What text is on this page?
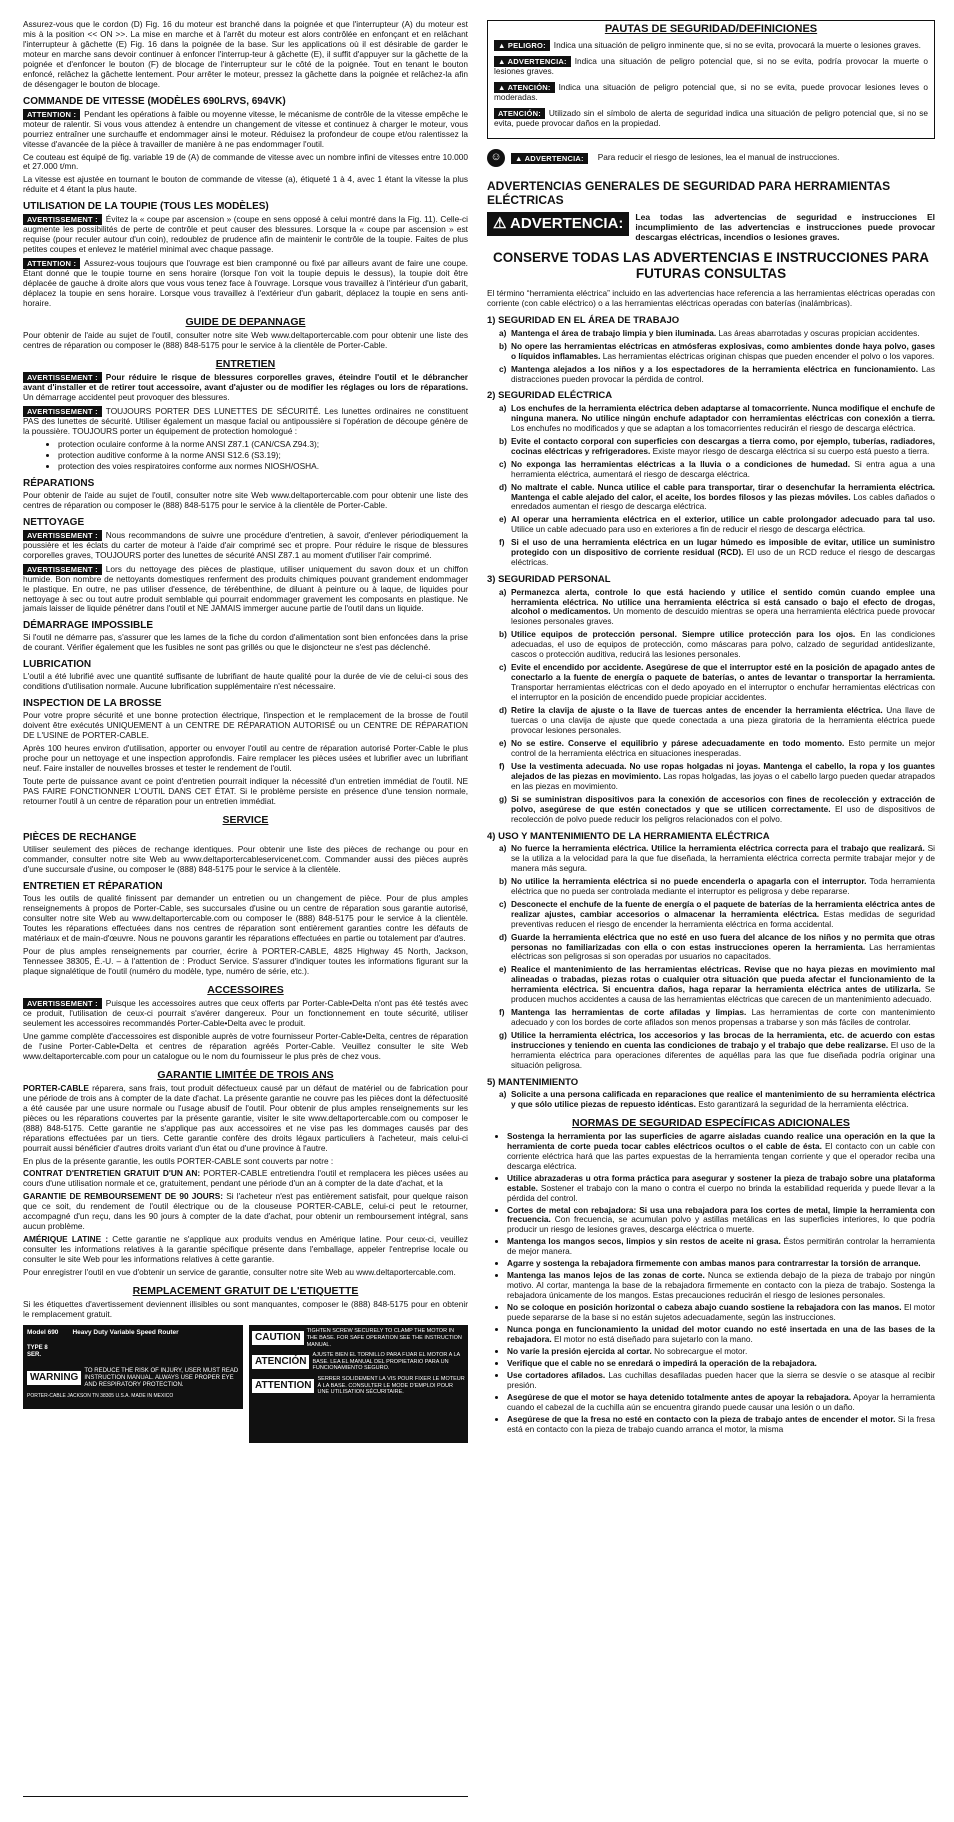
Assurez-vous que le cordon (D) Fig. 16 du moteur est branché dans la poignée et que l'interrupteur (A) du moteur est mis à la position << ON >>. La mise en marche et à l'arrêt du moteur est alors contrôlée en enfonçant et en relâchant l'interrupteur à gâchette (E) Fig. 16 dans la poignée de la base. Sur les applications où il est désirable de garder le moteur en marche sans devoir continuer à enfoncer l'interrup-teur à gâchette (E), il suffit d'appuyer sur la gâchette de la poignée et d'enfoncer le bouton (F) de blocage de l'interrupteur sur le côté de la poignée. Tout en tenant le bouton enfoncé, relâchez la gâchette lentement. Pour arrêter le moteur, pressez la gâchette dans la poignée et relâchez-la afin de désengager le bouton de blocage.

COMMANDE DE VITESSE (MODÈLES 690LRVS, 694VK)

ATTENTION : Pendant les opérations à faible ou moyenne vitesse, le mécanisme de contrôle de la vitesse empêche le moteur de ralentir. Si vous vous attendez à entendre un changement de vitesse et continuez à charger le moteur, vous pourriez entraîner une surchauffe et endommager ainsi le moteur. Réduisez la profondeur de coupe et/ou ralentissez la vitesse d'avancée de la pièce à travailler de manière à ne pas endommager l'outil.

Ce couteau est équipé de fig. variable 19 de (A) de commande de vitesse avec un nombre infini de vitesses entre 10.000 et 27.000 t/mn.

La vitesse est ajustée en tournant le bouton de commande de vitesse (a), étiqueté 1 à 4, avec 1 étant la vitesse la plus réduite et 4 étant la plus haute.

UTILISATION DE LA TOUPIE (TOUS LES MODÈLES)

AVERTISSEMENT : Évitez la « coupe par ascension » (coupe en sens opposé à celui montré dans la Fig. 11). Celle-ci augmente les possibilités de perte de contrôle et peut causer des blessures. Lorsque la « coupe par ascension » est requise (pour reculer autour d'un coin), redoublez de prudence afin de maintenir le contrôle de la toupie. Faites de plus petites coupes et enlevez le matériel minimal avec chaque passage.

ATTENTION : Assurez-vous toujours que l'ouvrage est bien cramponné ou fixé par ailleurs avant de faire une coupe. Étant donné que le toupie tourne en sens horaire (lorsque l'on voit la toupie depuis le dessus), la toupie doit être déplacée de gauche à droite alors que vous vous tenez face à l'ouvrage. Lorsque vous travaillez à l'intérieur d'un gabarit, déplacez la toupie en sens horaire. Lorsque vous travaillez à l'extérieur d'un gabarit, déplacez la toupie en sens anti-horaire.

GUIDE DE DEPANNAGE

Pour obtenir de l'aide au sujet de l'outil, consulter notre site Web www.deltaportercable.com pour obtenir une liste des centres de réparation ou composer le (888) 848-5175 pour le service à la clientèle de Porter-Cable.

ENTRETIEN

AVERTISSEMENT : Pour réduire le risque de blessures corporelles graves, éteindre l'outil et le débrancher avant d'installer et de retirer tout accessoire, avant d'ajuster ou de modifier les réglages ou lors de réparations. Un démarrage accidentel peut provoquer des blessures.

AVERTISSEMENT : TOUJOURS PORTER DES LUNETTES DE SÉCURITÉ. Les lunettes ordinaires ne constituent PAS des lunettes de sécurité. Utiliser également un masque facial ou antipoussière si l'opération de découpe génère de la poussière. TOUJOURS porter un équipement de protection homologué :

• protection oculaire conforme à la norme ANSI Z87.1 (CAN/CSA Z94.3);
• protection auditive conforme à la norme ANSI S12.6 (S3.19);
• protection des voies respiratoires conforme aux normes NIOSH/OSHA.
RÉPARATIONS

Pour obtenir de l'aide au sujet de l'outil, consulter notre site Web www.deltaportercable.com pour obtenir une liste des centres de réparation ou composer le (888) 848-5175 pour le service à la clientèle de Porter-Cable.

NETTOYAGE

AVERTISSEMENT : Nous recommandons de suivre une procédure d'entretien, à savoir, d'enlever périodiquement la poussière et les éclats du carter de moteur à l'aide d'air comprimé sec et propre. Pour réduire le risque de blessures corporelles graves, TOUJOURS porter des lunettes de sécurité ANSI Z87.1 au moment d'utiliser l'air comprimé.

AVERTISSEMENT : Lors du nettoyage des pièces de plastique, utiliser uniquement du savon doux et un chiffon humide. Bon nombre de nettoyants domestiques renferment des produits chimiques pouvant grandement endommager le plastique. En outre, ne pas utiliser d'essence, de térébenthine, de diluant à peinture ou à laque, de liquides pour nettoyage à sec ou tout autre produit semblable qui pourrait endommager gravement les composants en plastique. Ne jamais laisser de liquide pénétrer dans l'outil et NE JAMAIS immerger aucune partie de l'outil dans un liquide.

DÉMARRAGE IMPOSSIBLE

Si l'outil ne démarre pas, s'assurer que les lames de la fiche du cordon d'alimentation sont bien enfoncées dans la prise de courant. Vérifier également que les fusibles ne sont pas grillés ou que le disjoncteur ne s'est pas déclenché.

LUBRICATION

L'outil a été lubrifié avec une quantité suffisante de lubrifiant de haute qualité pour la durée de vie de celui-ci sous des conditions d'utilisation normale. Aucune lubrification supplémentaire n'est nécessaire.

INSPECTION DE LA BROSSE

Pour votre propre sécurité et une bonne protection électrique, l'inspection et le remplacement de la brosse de l'outil doivent être exécutés UNIQUEMENT à un CENTRE DE RÉPARATION AUTORISÉ ou un CENTRE DE RÉPARATION DE L'USINE de PORTER-CABLE.

Après 100 heures environ d'utilisation, apporter ou envoyer l'outil au centre de réparation autorisé Porter-Cable le plus proche pour un nettoyage et une inspection approfondis. Faire remplacer les pièces usées et lubrifier avec un lubrifiant neuf. Faire installer de nouvelles brosses et tester le rendement de l'outil.

Toute perte de puissance avant ce point d'entretien pourrait indiquer la nécessité d'un entretien immédiat de l'outil. NE PAS FAIRE FONCTIONNER L'OUTIL DANS CET ÉTAT. Si le problème persiste en présence d'une tension normale, retourner l'outil à un centre de réparation pour un entretien immédiat.

SERVICE
PIÈCES DE RECHANGE

Utiliser seulement des pièces de rechange identiques. Pour obtenir une liste des pièces de rechange ou pour en commander, consulter notre site Web au www.deltaportercableservicenet.com. Commander aussi des pièces auprès d'une succursale d'usine, ou composer le (888) 848-5175 pour le service à la clientèle.

ENTRETIEN ET RÉPARATION

Tous les outils de qualité finissent par demander un entretien ou un changement de pièce. Pour de plus amples renseignements à propos de Porter-Cable, ses succursales d'usine ou un centre de réparation sous garantie autorisé, consulter notre site Web au www.deltaportercable.com ou composer le (888) 848-5175 pour le service à la clientèle. Toutes les réparations effectuées dans nos centres de réparation sont entièrement garanties contre les défauts de matériaux et de main-d'œuvre. Nous ne pouvons garantir les réparations effectuées en partie ou totalement par d'autres.

Pour de plus amples renseignements par courrier, écrire à PORTER-CABLE, 4825 Highway 45 North, Jackson, Tennessee 38305, É.-U. – à l'attention de : Product Service. S'assurer d'indiquer toutes les informations figurant sur la plaque signalétique de l'outil (numéro du modèle, type, numéro de série, etc.).

ACCESSOIRES

AVERTISSEMENT : Puisque les accessoires autres que ceux offerts par Porter-Cable•Delta n'ont pas été testés avec ce produit, l'utilisation de ceux-ci pourrait s'avérer dangereux. Pour un fonctionnement en toute sécurité, utiliser seulement les accessoires recommandés Porter-Cable•Delta avec le produit.

Une gamme complète d'accessoires est disponible auprès de votre fournisseur Porter-Cable•Delta, centres de réparation de l'usine Porter-Cable•Delta et centres de réparation agréés Porter-Cable. Veuillez consulter le site Web www.deltaportercable.com pour un catalogue ou le nom du fournisseur le plus près de chez vous.

GARANTIE LIMITÉE DE TROIS ANS

PORTER-CABLE réparera, sans frais, tout produit défectueux causé par un défaut de matériel ou de fabrication pour une période de trois ans à compter de la date d'achat. La présente garantie ne couvre pas les pièces dont la défectuosité a été causée par une usure normale ou l'usage abusif de l'outil. Pour obtenir de plus amples renseignements sur les pièces ou les réparations couvertes par la présente garantie, visiter le site www.deltaportercable.com ou composer le (888) 848-5175. Cette garantie ne s'applique pas aux accessoires et ne vise pas les dommages causés par des réparations effectuées par un tiers. Cette garantie confère des droits légaux particuliers à l'acheteur, mais celui-ci pourrait aussi bénéficier d'autres droits variant d'un état ou d'une province à l'autre.

En plus de la présente garantie, les outils PORTER-CABLE sont couverts par notre :

CONTRAT D'ENTRETIEN GRATUIT D'UN AN: PORTER-CABLE entretiendra l'outil et remplacera les pièces usées au cours d'une utilisation normale et ce, gratuitement, pendant une période d'un an à compter de la date d'achat, et la

GARANTIE DE REMBOURSEMENT DE 90 JOURS: Si l'acheteur n'est pas entièrement satisfait, pour quelque raison que ce soit, du rendement de l'outil électrique ou de la clouseuse PORTER-CABLE, celui-ci peut le retourner, accompagné d'un reçu, dans les 90 jours à compter de la date d'achat, pour obtenir un remboursement intégral, sans aucun problème.

AMÉRIQUE LATINE : Cette garantie ne s'applique aux produits vendus en Amérique latine. Pour ceux-ci, veuillez consulter les informations relatives à la garantie spécifique présente dans l'emballage, appeler l'entreprise locale ou consulter le site Web pour les informations relatives à cette garantie.

Pour enregistrer l'outil en vue d'obtenir un service de garantie, consulter notre site Web au www.deltaportercable.com.

REMPLACEMENT GRATUIT DE L'ETIQUETTE

Si les étiquettes d'avertissement deviennent illisibles ou sont manquantes, composer le (888) 848-5175 pour en obtenir le remplacement gratuit.

Model 690 Heavy Duty Variable Speed Router
TYPE 8
SER.
WARNING
TO REDUCE THE RISK OF INJURY, USER MUST READ INSTRUCTION MANUAL. ALWAYS USE PROPER EYE AND RESPIRATORY PROTECTION.
PORTER-CABLE JACKSON TN 38305 U.S.A. MADE IN MEXICO
CAUTION
TIGHTEN SCREW SECURELY TO CLAMP THE MOTOR IN THE BASE. FOR SAFE OPERATION SEE THE INSTRUCTION MANUAL.
ATENCIÓN
AJUSTE BIEN EL TORNILLO PARA FIJAR EL MOTOR A LA BASE. LEA EL MANUAL DEL PROPIETARIO PARA UN FUNCIONAMIENTO SEGURO.
ATTENTION
SERRER SOLIDEMENT LA VIS POUR FIXER LE MOTEUR À LA BASE. CONSULTER LE MODE D'EMPLOI POUR UNE UTILISATION SÉCURITAIRE.
PAUTAS DE SEGURIDAD/DEFINICIONES

▲ PELIGRO: Indica una situación de peligro inminente que, si no se evita, provocará la muerte o lesiones graves.

▲ ADVERTENCIA: Indica una situación de peligro potencial que, si no se evita, podría provocar la muerte o lesiones graves.

▲ ATENCIÓN: Indica una situación de peligro potencial que, si no se evita, puede provocar lesiones leves o moderadas.

ATENCIÓN: Utilizado sin el símbolo de alerta de seguridad indica una situación de peligro potencial que, si no se evita, puede provocar daños en la propiedad.

☺	▲ ADVERTENCIA:	Para reducir el riesgo de lesiones, lea el manual de instrucciones.
ADVERTENCIAS GENERALES DE SEGURIDAD PARA HERRAMIENTAS ELÉCTRICAS
⚠ ADVERTENCIA:	Lea todas las advertencias de seguridad e instrucciones El incumplimiento de las advertencias e instrucciones puede provocar descargas eléctricas, incendios o lesiones graves.
CONSERVE TODAS LAS ADVERTENCIAS E INSTRUCCIONES PARA FUTURAS CONSULTAS

El término “herramienta eléctrica” incluido en las advertencias hace referencia a las herramientas eléctricas operadas con corriente (con cable eléctrico) o a las herramientas eléctricas operadas con baterías (inalámbricas).

1) SEGURIDAD EN EL ÁREA DE TRABAJO
a) Mantenga el área de trabajo limpia y bien iluminada. Las áreas abarrotadas y oscuras propician accidentes.
b) No opere las herramientas eléctricas en atmósferas explosivas, como ambientes donde haya polvo, gases o líquidos inflamables. Las herramientas eléctricas originan chispas que pueden encender el polvo o los vapores.
c) Mantenga alejados a los niños y a los espectadores de la herramienta eléctrica en funcionamiento. Las distracciones pueden provocar la pérdida de control.
2) SEGURIDAD ELÉCTRICA
a) Los enchufes de la herramienta eléctrica deben adaptarse al tomacorriente. Nunca modifique el enchufe de ninguna manera. No utilice ningún enchufe adaptador con herramientas eléctricas con conexión a tierra. Los enchufes no modificados y que se adaptan a los tomacorrientes reducirán el riesgo de descarga eléctrica.
b) Evite el contacto corporal con superficies con descargas a tierra como, por ejemplo, tuberías, radiadores, cocinas eléctricas y refrigeradores. Existe mayor riesgo de descarga eléctrica si su cuerpo está puesto a tierra.
c) No exponga las herramientas eléctricas a la lluvia o a condiciones de humedad. Si entra agua a una herramienta eléctrica, aumentará el riesgo de descarga eléctrica.
d) No maltrate el cable. Nunca utilice el cable para transportar, tirar o desenchufar la herramienta eléctrica. Mantenga el cable alejado del calor, el aceite, los bordes filosos y las piezas móviles. Los cables dañados o enredados aumentan el riesgo de descarga eléctrica.
e) Al operar una herramienta eléctrica en el exterior, utilice un cable prolongador adecuado para tal uso. Utilice un cable adecuado para uso en exteriores a fin de reducir el riesgo de descarga eléctrica.
f) Si el uso de una herramienta eléctrica en un lugar húmedo es imposible de evitar, utilice un suministro protegido con un dispositivo de corriente residual (RCD). El uso de un RCD reduce el riesgo de descargas eléctricas.
3) SEGURIDAD PERSONAL
a) Permanezca alerta, controle lo que está haciendo y utilice el sentido común cuando emplee una herramienta eléctrica. No utilice una herramienta eléctrica si está cansado o bajo el efecto de drogas, alcohol o medicamentos. Un momento de descuido mientras se opera una herramienta eléctrica puede provocar lesiones personales graves.
b) Utilice equipos de protección personal. Siempre utilice protección para los ojos. En las condiciones adecuadas, el uso de equipos de protección, como máscaras para polvo, calzado de seguridad antideslizante, cascos o protección auditiva, reducirá las lesiones personales.
c) Evite el encendido por accidente. Asegúrese de que el interruptor esté en la posición de apagado antes de conectarlo a la fuente de energía o paquete de baterías, o antes de levantar o transportar la herramienta. Transportar herramientas eléctricas con el dedo apoyado en el interruptor o enchufar herramientas eléctricas con el interruptor en la posición de encendido puede propiciar accidentes.
d) Retire la clavija de ajuste o la llave de tuercas antes de encender la herramienta eléctrica. Una llave de tuercas o una clavija de ajuste que quede conectada a una pieza giratoria de la herramienta eléctrica puede provocar lesiones personales.
e) No se estire. Conserve el equilibrio y párese adecuadamente en todo momento. Esto permite un mejor control de la herramienta eléctrica en situaciones inesperadas.
f) Use la vestimenta adecuada. No use ropas holgadas ni joyas. Mantenga el cabello, la ropa y los guantes alejados de las piezas en movimiento. Las ropas holgadas, las joyas o el cabello largo pueden quedar atrapados en las piezas en movimiento.
g) Si se suministran dispositivos para la conexión de accesorios con fines de recolección y extracción de polvo, asegúrese de que estén conectados y que se utilicen correctamente. El uso de dispositivos de recolección de polvo puede reducir los peligros relacionados con el polvo.
4) USO Y MANTENIMIENTO DE LA HERRAMIENTA ELÉCTRICA
a) No fuerce la herramienta eléctrica. Utilice la herramienta eléctrica correcta para el trabajo que realizará. Si se la utiliza a la velocidad para la que fue diseñada, la herramienta eléctrica correcta permite trabajar mejor y de manera más segura.
b) No utilice la herramienta eléctrica si no puede encenderla o apagarla con el interruptor. Toda herramienta eléctrica que no pueda ser controlada mediante el interruptor es peligrosa y debe repararse.
c) Desconecte el enchufe de la fuente de energía o el paquete de baterías de la herramienta eléctrica antes de realizar ajustes, cambiar accesorios o almacenar la herramienta eléctrica. Estas medidas de seguridad preventivas reducen el riesgo de encender la herramienta eléctrica en forma accidental.
d) Guarde la herramienta eléctrica que no esté en uso fuera del alcance de los niños y no permita que otras personas no familiarizadas con ella o con estas instrucciones operen la herramienta. Las herramientas eléctricas son peligrosas si son operadas por usuarios no capacitados.
e) Realice el mantenimiento de las herramientas eléctricas. Revise que no haya piezas en movimiento mal alineadas o trabadas, piezas rotas o cualquier otra situación que pueda afectar el funcionamiento de la herramienta eléctrica. Si encuentra daños, haga reparar la herramienta eléctrica antes de utilizarla. Se producen muchos accidentes a causa de las herramientas eléctricas que carecen de un mantenimiento adecuado.
f) Mantenga las herramientas de corte afiladas y limpias. Las herramientas de corte con mantenimiento adecuado y con los bordes de corte afilados son menos propensas a trabarse y son más fáciles de controlar.
g) Utilice la herramienta eléctrica, los accesorios y las brocas de la herramienta, etc. de acuerdo con estas instrucciones y teniendo en cuenta las condiciones de trabajo y el trabajo que debe realizarse. El uso de la herramienta eléctrica para operaciones diferentes de aquéllas para las que fue diseñada podría originar una situación peligrosa.
5) MANTENIMIENTO
a) Solicite a una persona calificada en reparaciones que realice el mantenimiento de su herramienta eléctrica y que sólo utilice piezas de repuesto idénticas. Esto garantizará la seguridad de la herramienta eléctrica.
NORMAS DE SEGURIDAD ESPECÍFICAS ADICIONALES
• Sostenga la herramienta por las superficies de agarre aisladas cuando realice una operación en la que la herramienta de corte pueda tocar cables eléctricos ocultos o el cable de ésta. El contacto con un cable con corriente eléctrica hará que las partes expuestas de la herramienta tengan corriente y que el operador reciba una descarga eléctrica.
• Utilice abrazaderas u otra forma práctica para asegurar y sostener la pieza de trabajo sobre una plataforma estable. Sostener el trabajo con la mano o contra el cuerpo no brinda la estabilidad requerida y puede llevar a la pérdida del control.
• Cortes de metal con rebajadora: Si usa una rebajadora para los cortes de metal, limpie la herramienta con frecuencia. Con frecuencia, se acumulan polvo y astillas metálicas en las superficies interiores, lo que podría producir un riesgo de lesiones graves, descarga eléctrica o muerte.
• Mantenga los mangos secos, limpios y sin restos de aceite ni grasa. Éstos permitirán controlar la herramienta de mejor manera.
• Agarre y sostenga la rebajadora firmemente con ambas manos para contrarrestar la torsión de arranque.
• Mantenga las manos lejos de las zonas de corte. Nunca se extienda debajo de la pieza de trabajo por ningún motivo. Al cortar, mantenga la base de la rebajadora firmemente en contacto con la pieza de trabajo. Sostenga la rebajadora únicamente de los mangos. Estas precauciones reducirán el riesgo de lesiones personales.
• No se coloque en posición horizontal o cabeza abajo cuando sostiene la rebajadora con las manos. El motor puede separarse de la base si no están sujetos adecuadamente, según las instrucciones.
• Nunca ponga en funcionamiento la unidad del motor cuando no esté insertada en una de las bases de la rebajadora. El motor no está diseñado para sujetarlo con la mano.
• No varíe la presión ejercida al cortar. No sobrecargue el motor.
• Verifique que el cable no se enredará o impedirá la operación de la rebajadora.
• Use cortadores afilados. Las cuchillas desafiladas pueden hacer que la sierra se desvíe o se atasque al recibir presión.
• Asegúrese de que el motor se haya detenido totalmente antes de apoyar la rebajadora. Apoyar la herramienta cuando el cabezal de la cuchilla aún se encuentra girando puede causar una lesión o un daño.
• Asegúrese de que la fresa no esté en contacto con la pieza de trabajo antes de encender el motor. Si la fresa está en contacto con la pieza de trabajo cuando arranca el motor, la misma
